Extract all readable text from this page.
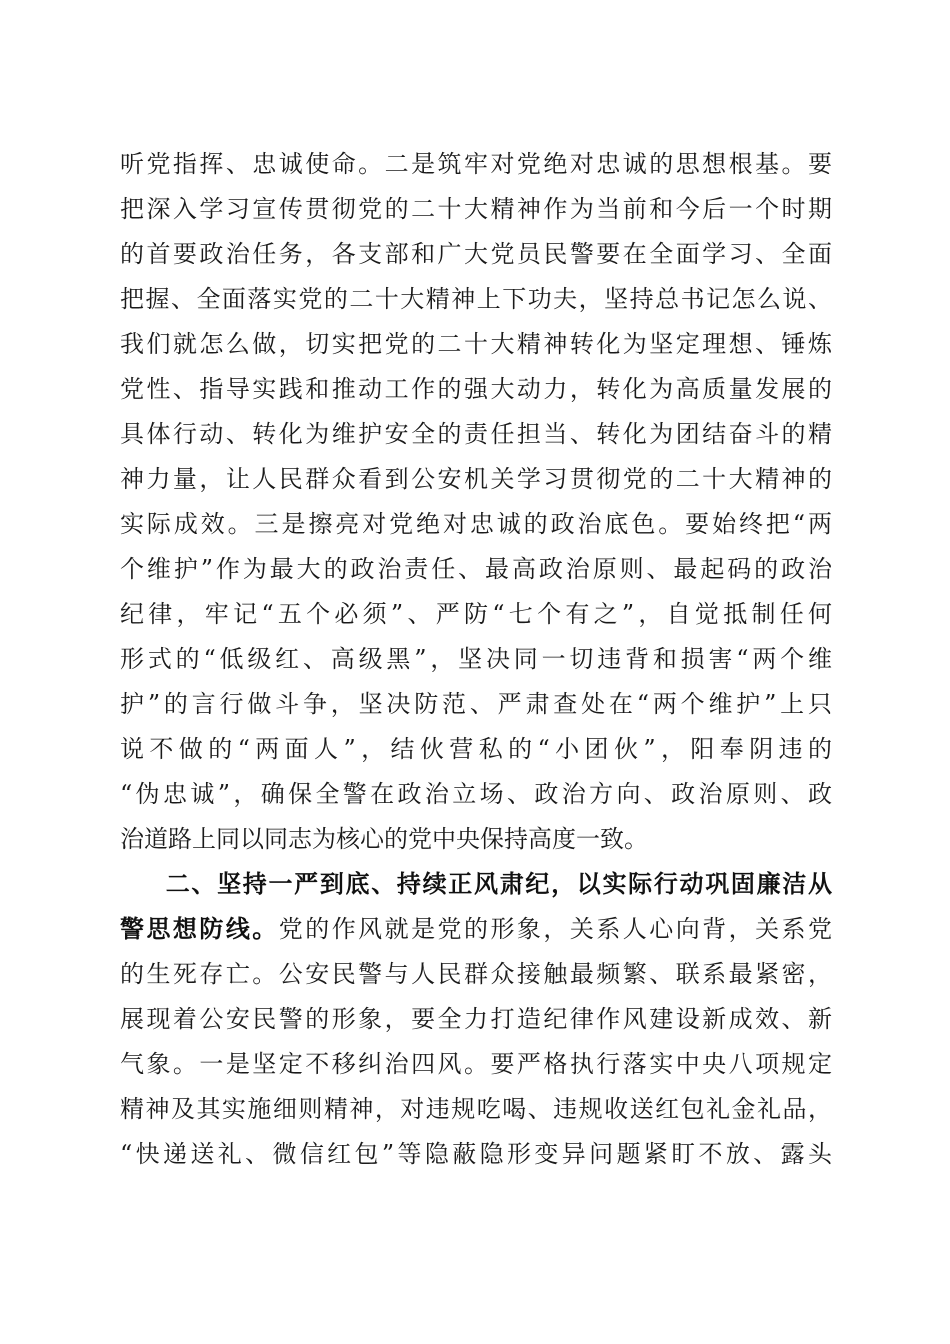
听党指挥、忠诚使命。二是筑牢对党绝对忠诚的思想根基。要
把深入学习宣传贯彻党的二十大精神作为当前和今后一个时期
的首要政治任务，各支部和广大党员民警要在全面学习、全面
把握、全面落实党的二十大精神上下功夫，坚持总书记怎么说、
我们就怎么做，切实把党的二十大精神转化为坚定理想、锤炼
党性、指导实践和推动工作的强大动力，转化为高质量发展的
具体行动、转化为维护安全的责任担当、转化为团结奋斗的精
神力量，让人民群众看到公安机关学习贯彻党的二十大精神的
实际成效。三是擦亮对党绝对忠诚的政治底色。要始终把“两
个维护”作为最大的政治责任、最高政治原则、最起码的政治
纪律，牢记“五个必须”、严防“七个有之”，自觉抵制任何
形式的“低级红、高级黑”，坚决同一切违背和损害“两个维
护”的言行做斗争，坚决防范、严肃查处在“两个维护”上只
说不做的“两面人”，结伙营私的“小团伙”，阳奉阴违的
“伪忠诚”，确保全警在政治立场、政治方向、政治原则、政
治道路上同以同志为核心的党中央保持高度一致。
二、坚持一严到底、持续正风肃纪，以实际行动巩固廉洁从
警思想防线。党的作风就是党的形象，关系人心向背，关系党
的生死存亡。公安民警与人民群众接触最频繁、联系最紧密，
展现着公安民警的形象，要全力打造纪律作风建设新成效、新
气象。一是坚定不移纠治四风。要严格执行落实中央八项规定
精神及其实施细则精神，对违规吃喝、违规收送红包礼金礼品，
“快递送礼、微信红包”等隐蔽隐形变异问题紧盯不放、露头
